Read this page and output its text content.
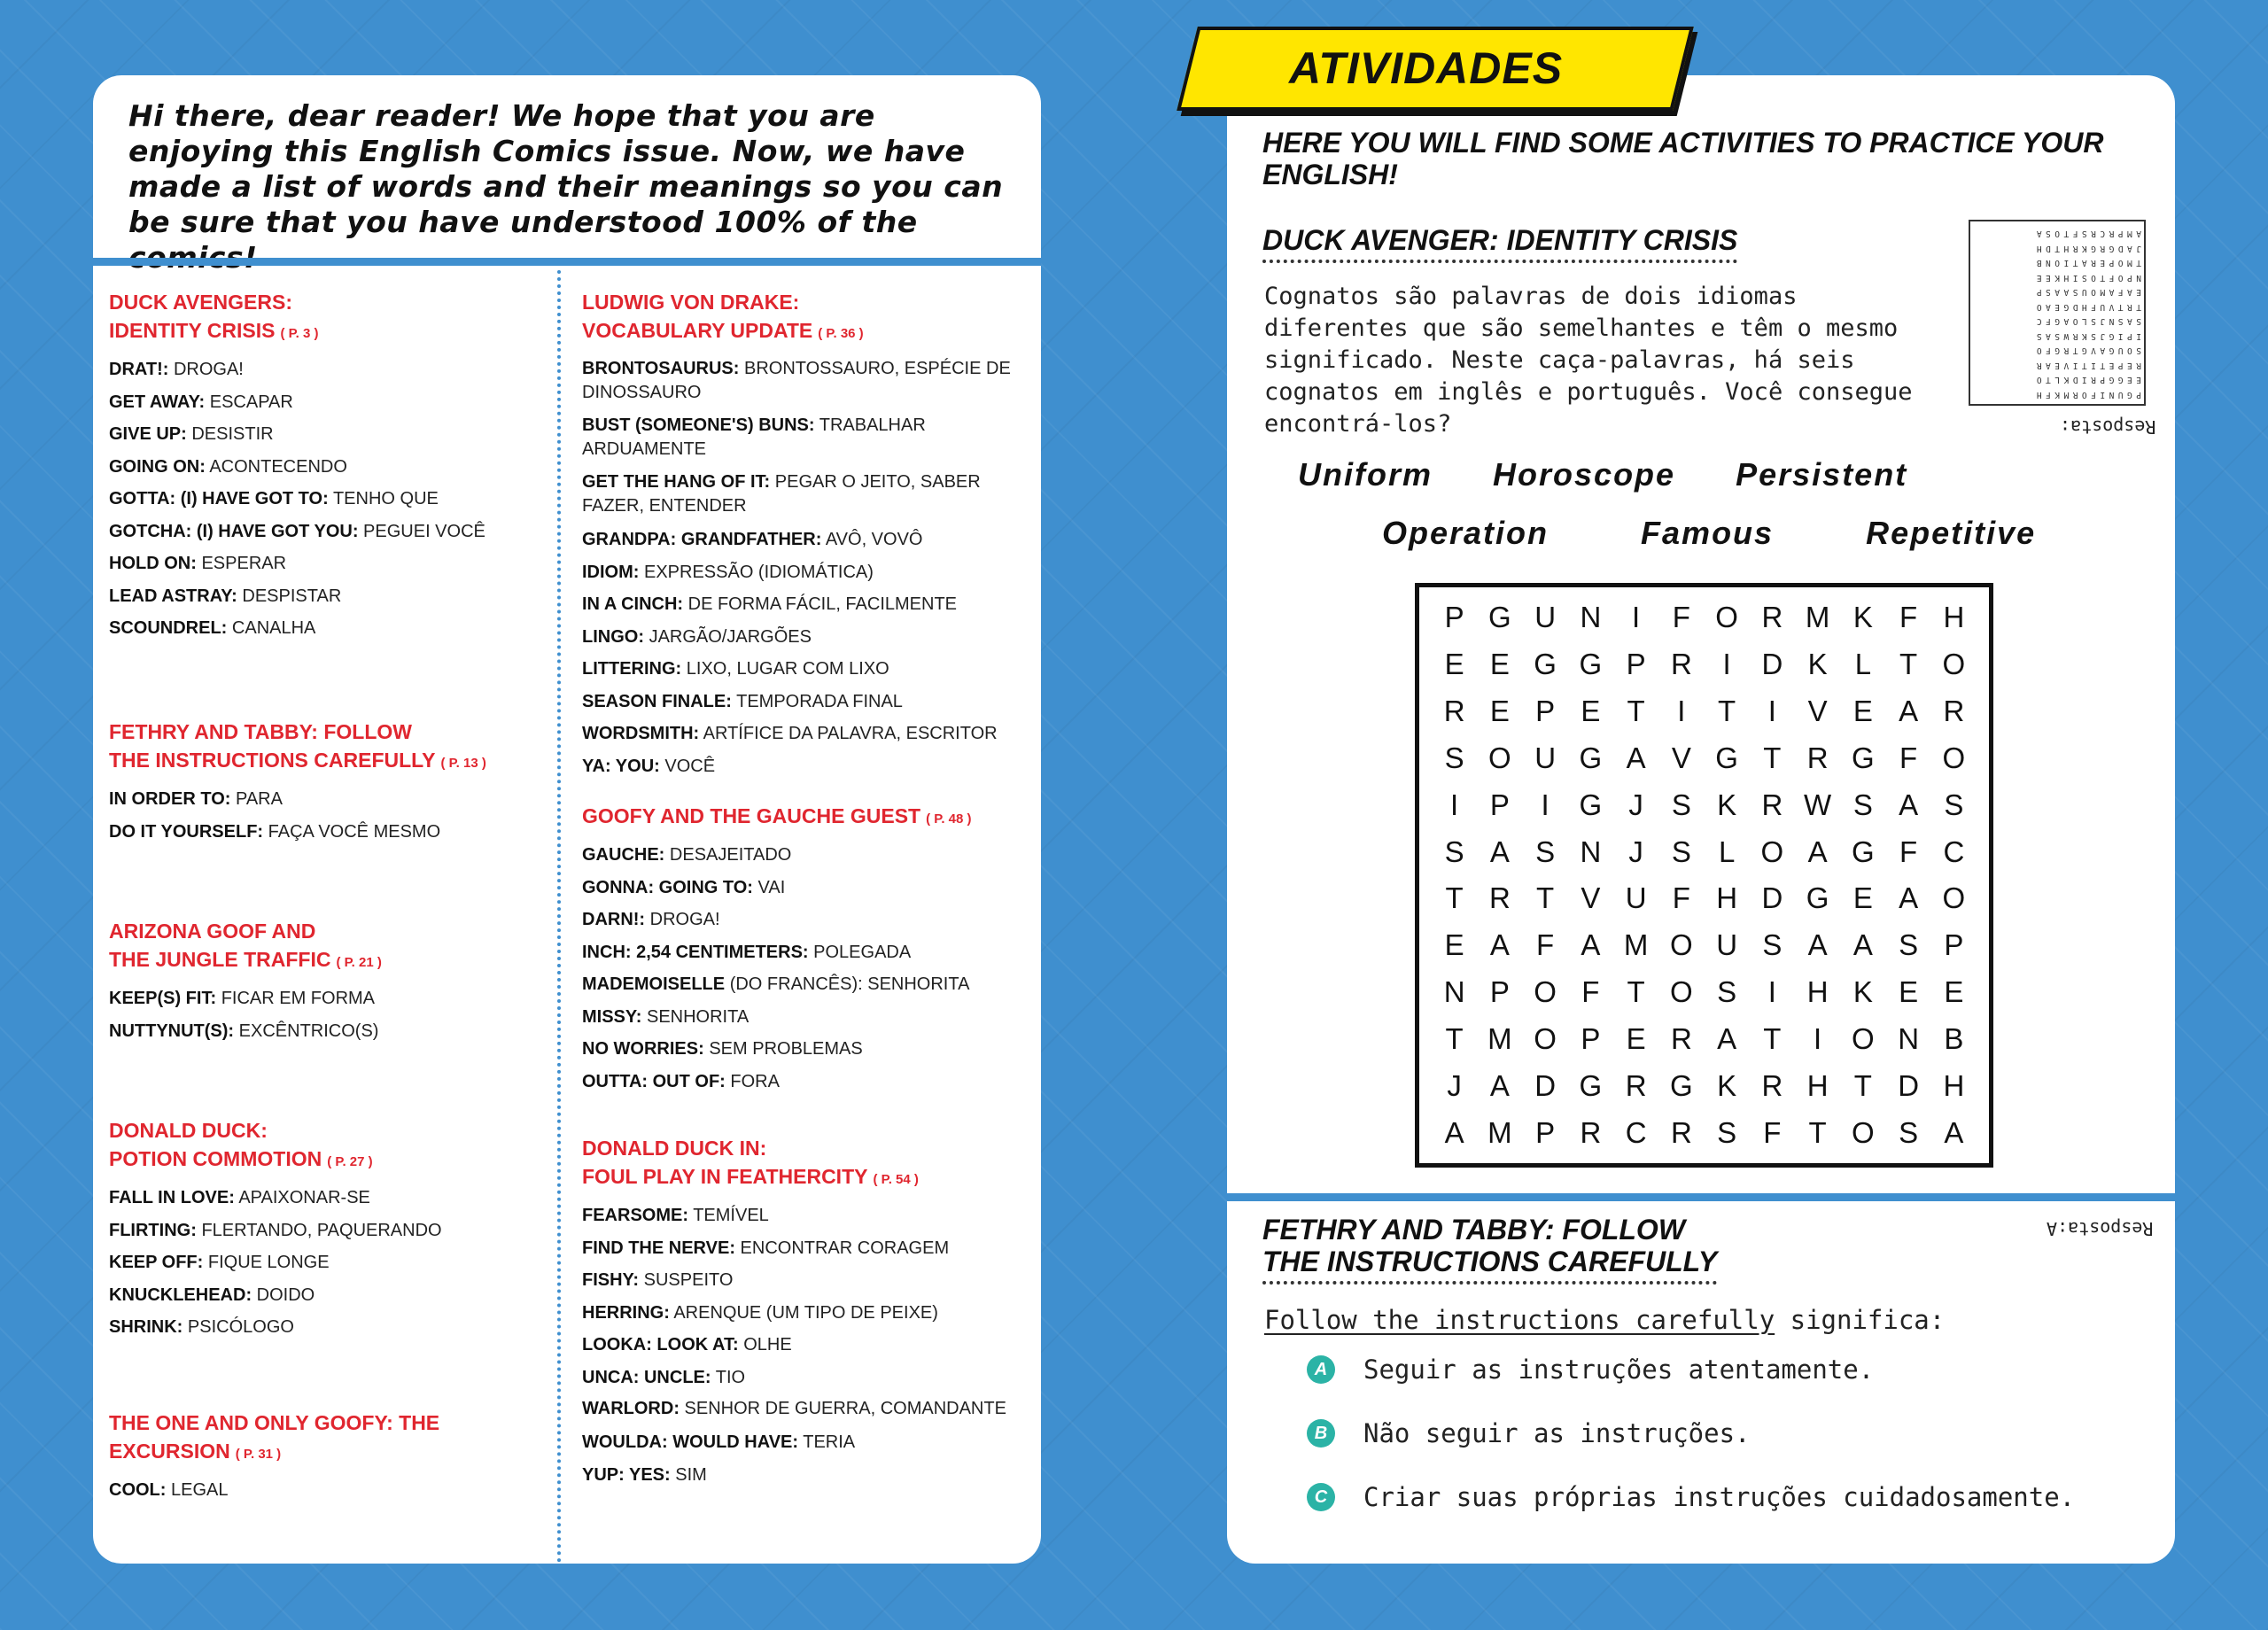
Hi there, dear reader! We hope that you are enjoying this English Comics issue. Now, we have made a list of words and their meanings so you can be sure that you have understood 100% of the
DUCK AVENGERS:
IDENTITY CRISIS ( P. 3 )
DRAT!: DROGA!
GET AWAY: ESCAPAR
GIVE UP: DESISTIR
GOING ON: ACONTECENDO
GOTTA: (I) HAVE GOT TO: TENHO QUE
GOTCHA: (I) HAVE GOT YOU: PEGUEI VOCÊ
HOLD ON: ESPERAR
LEAD ASTRAY: DESPISTAR
SCOUNDREL: CANALHA
FETHRY AND TABBY: FOLLOW
THE INSTRUCTIONS CAREFULLY ( P. 13 )
IN ORDER TO: PARA
DO IT YOURSELF: FAÇA VOCÊ MESMO
ARIZONA GOOF AND
THE JUNGLE TRAFFIC ( P. 21 )
KEEP(S) FIT: FICAR EM FORMA
NUTTYNUT(S): EXCÊNTRICO(S)
DONALD DUCK:
POTION COMMOTION ( P. 27 )
FALL IN LOVE: APAIXONAR-SE
FLIRTING: FLERTANDO, PAQUERANDO
KEEP OFF: FIQUE LONGE
KNUCKLEHEAD: DOIDO
SHRINK: PSICÓLOGO
THE ONE AND ONLY GOOFY: THE
EXCURSION ( P. 31 )
COOL: LEGAL
LUDWIG VON DRAKE:
VOCABULARY UPDATE ( P. 36 )
BRONTOSAURUS: BRONTOSSAURO, ESPÉCIE DE DINOSSAURO
BUST (SOMEONE'S) BUNS: TRABALHAR ARDUAMENTE
GET THE HANG OF IT: PEGAR O JEITO, SABER FAZER, ENTENDER
GRANDPA: GRANDFATHER: AVÔ, VOVÔ
IDIOM: EXPRESSÃO (IDIOMÁTICA)
IN A CINCH: DE FORMA FÁCIL, FACILMENTE
LINGO: JARGÃO/JARGÕES
LITTERING: LIXO, LUGAR COM LIXO
SEASON FINALE: TEMPORADA FINAL
WORDSMITH: ARTÍFICE DA PALAVRA, ESCRITOR
YA: YOU: VOCÊ
GOOFY AND THE GAUCHE GUEST ( P. 48 )
GAUCHE: DESAJEITADO
GONNA: GOING TO: VAI
DARN!: DROGA!
INCH: 2,54 CENTIMETERS: POLEGADA
MADEMOISELLE (DO FRANCÊS): SENHORITA
MISSY: SENHORITA
NO WORRIES: SEM PROBLEMAS
OUTTA: OUT OF: FORA
DONALD DUCK IN:
FOUL PLAY IN FEATHERCITY ( P. 54 )
FEARSOME: TEMÍVEL
FIND THE NERVE: ENCONTRAR CORAGEM
FISHY: SUSPEITO
HERRING: ARENQUE (UM TIPO DE PEIXE)
LOOKA: LOOK AT: OLHE
UNCA: UNCLE: TIO
WARLORD: SENHOR DE GUERRA, COMANDANTE
WOULDA: WOULD HAVE: TERIA
YUP: YES: SIM
HERE YOU WILL FIND SOME ACTIVITIES TO PRACTICE YOUR ENGLISH!
DUCK AVENGER: IDENTITY CRISIS
Cognatos são palavras de dois idiomas diferentes que são semelhantes e têm o mesmo significado. Neste caça-palavras, há seis cognatos em inglês e português. Você consegue encontrá-los?
PGUNIFORMKFH
EEGGPRIDKLTO
REPETITIVEAR
SOUGAVGTRGFO
IPIGJSKRWSAS
SASNJSLOAGFC
TRTVUFHDGEAO
EAFAMOUSAASP
NPOFTOSIHKEE
TMOPERATIONB
JADGRGKRHTDH
AMPRCRSFTOSA
Resposta:
Uniform Horoscope Persistent
Operation	Famous	Repetitive
P G U N	I	F O R M K F H
E E G G P R	I	D K L T O
R E P E T	I	T	I	V E A R
S O U G A V G T R G F O
I	P	I	G J S K R W S A S
S A S N J S L O A G F C
T R T V U F H D G E A O
E A F A M O U S A A S P
N P O F T O S	I	H K E E
T M O P E R A T	I	O N B
J A D G R G K R H T D H
A M P R C R S F T O S A
FETHRY AND TABBY: FOLLOW
THE INSTRUCTIONS CAREFULLY
Resposta:A
Follow the instructions carefully significa:
A	Seguir as instruções atentamente.
B	Não seguir as instruções.
C	Criar suas próprias instruções cuidadosamente.
ATIVIDADES
